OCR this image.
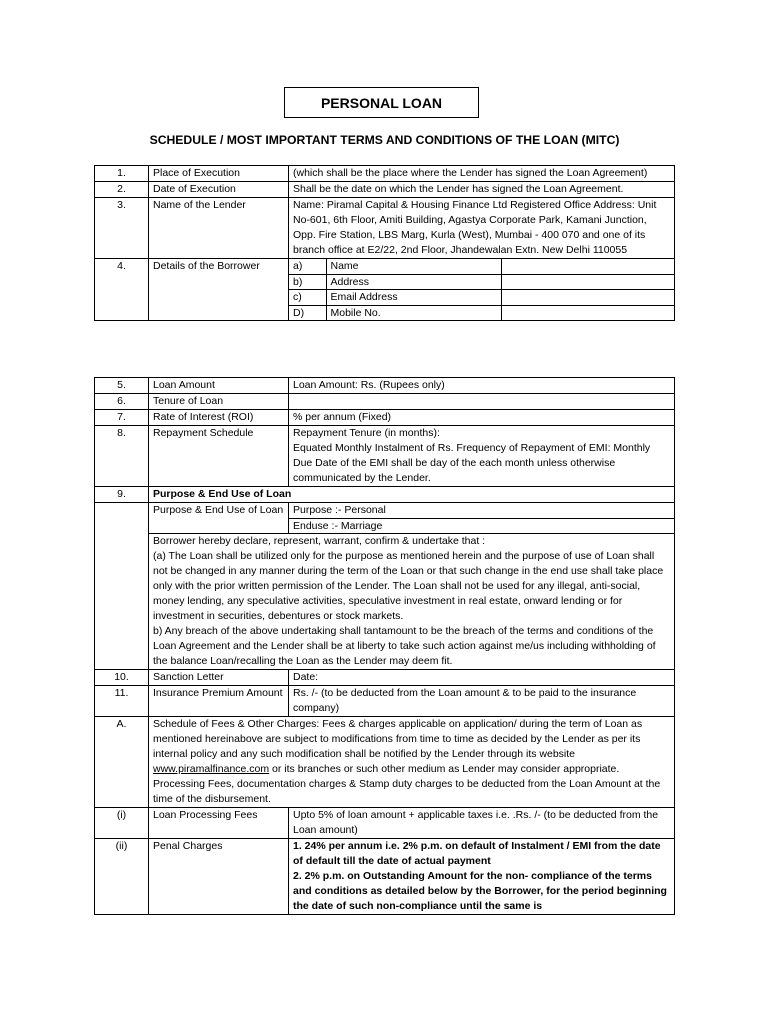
PERSONAL LOAN
SCHEDULE / MOST IMPORTANT TERMS AND CONDITIONS OF THE LOAN (MITC)
1.	Place of Execution	(which shall be the place where the Lender has signed the Loan Agreement)
2.	Date of Execution	Shall be the date on which the Lender has signed the Loan Agreement.
3.	Name of the Lender	Name: Piramal Capital & Housing Finance Ltd Registered Office Address: Unit No-601, 6th Floor, Amiti Building, Agastya Corporate Park, Kamani Junction, Opp. Fire Station, LBS Marg, Kurla (West), Mumbai - 400 070 and one of its branch office at E2/22, 2nd Floor, Jhandewalan Extn. New Delhi 110055
4.	Details of the Borrower		a)	Name	
b)	Address	
c)	Email Address	
D)	Mobile No.	
5.	Loan Amount	Loan Amount: Rs. (Rupees only)
6.	Tenure of Loan	
7.	Rate of Interest (ROI)	% per annum (Fixed)
8.	Repayment Schedule	Repayment Tenure (in months):
Equated Monthly Instalment of Rs. Frequency of Repayment of EMI: Monthly
Due Date of the EMI shall be day of the each month unless otherwise communicated by the Lender.

9.	Purpose & End Use of Loan
	Purpose & End Use of Loan	Purpose :- Personal
Enduse :- Marriage

Borrower hereby declare, represent, warrant, confirm & undertake that :
(a) The Loan shall be utilized only for the purpose as mentioned herein and the purpose of use of Loan shall not be changed in any manner during the term of the Loan or that such change in the end use shall take place only with the prior written permission of the Lender. The Loan shall not be used for any illegal, anti-social, money lending, any speculative activities, speculative investment in real estate, onward lending or for investment in securities, debentures or stock markets.
b) Any breach of the above undertaking shall tantamount to be the breach of the terms and conditions of the Loan Agreement and the Lender shall be at liberty to take such action against me/us including withholding of the balance Loan/recalling the Loan as the Lender may deem fit.

10.	Sanction Letter	Date:
11.	Insurance Premium Amount	Rs. /- (to be deducted from the Loan amount & to be paid to the insurance company)
A.	Schedule of Fees & Other Charges: Fees & charges applicable on application/ during the term of Loan as mentioned hereinabove are subject to modifications from time to time as decided by the Lender as per its internal policy and any such modification shall be notified by the Lender through its website www.piramalfinance.com or its branches or such other medium as Lender may consider appropriate. Processing Fees, documentation charges & Stamp duty charges to be deducted from the Loan Amount at the time of the disbursement.
(i)	Loan Processing Fees	Upto 5% of loan amount + applicable taxes i.e. .Rs. /- (to be deducted from the Loan amount)
(ii)	Penal Charges	1. 24% per annum i.e. 2% p.m. on default of Instalment / EMI from the date of default till the date of actual payment
2. 2% p.m. on Outstanding Amount for the non- compliance of the terms and conditions as detailed below by the Borrower, for the period beginning the date of such non-compliance until the same is
